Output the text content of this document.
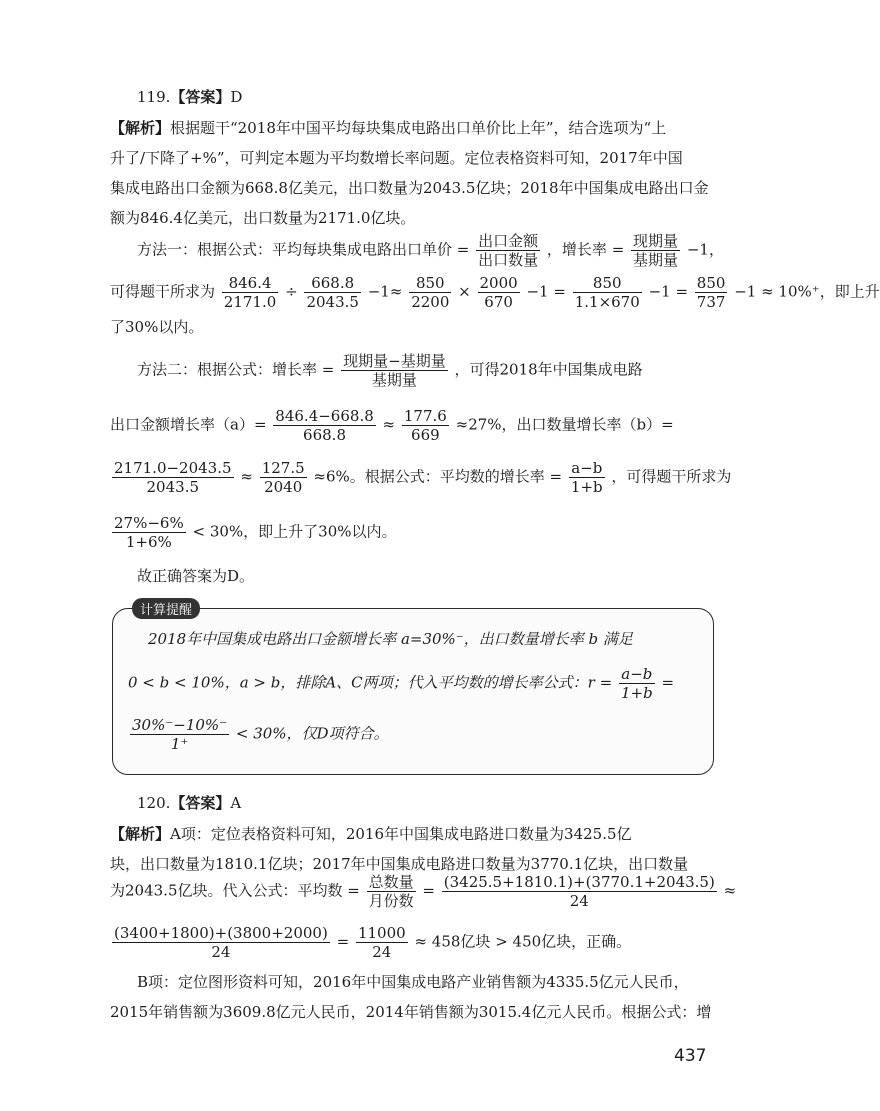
119.【答案】D
【解析】根据题干“2018年中国平均每块集成电路出口单价比上年”，结合选项为“上
升了/下降了+%”，可判定本题为平均数增长率问题。定位表格资料可知，2017年中国
集成电路出口金额为668.8亿美元，出口数量为2043.5亿块；2018年中国集成电路出口金
额为846.4亿美元，出口数量为2171.0亿块。
方法一：根据公式：平均每块集成电路出口单价 = $\frac{\text{出口金额}}{\text{出口数量}}$ ，增长率 = $\frac{\text{现期量}}{\text{基期量}} -1$，
可得题干所求为 $\frac{846.4}{2171.0} \div \frac{668.8}{2043.5} -1\approx \frac{850}{2200} \times \frac{2000}{670} -1 = \frac{850}{1.1\times 670} -1 = \frac{850}{737} -1 \approx 10\%^+$，即上升
了30%以内。
方法二：根据公式：增长率 = $\frac{\text{现期量−基期量}}{\text{基期量}}$ ，可得2018年中国集成电路
出口金额增长率$(a)= \frac{846.4-668.8}{668.8} \approx \frac{177.6}{669} \approx 27\%$，出口数量增长率（b）=
$\frac{2171.0-2043.5}{2043.5} \approx \frac{127.5}{2040} \approx 6\%$。根据公式：平均数的增长率 = $\frac{a-b}{1+b}$ ，可得题干所求为
$\frac{27\%-6\%}{1+6\%} < 30\%$，即上升了30%以内。
故正确答案为D。
计算提醒
2018年中国集成电路出口金额增长率 a=30%⁻，出口数量增长率 b 满足
0 < b < 10%，a > b，排除A、C两项；代入平均数的增长率公式：$r = \frac{a-b}{1+b}$ =
$\frac{30\%^--10\%^-}{1^+} < 30\%$，仅D项符合。
120.【答案】A
【解析】A项：定位表格资料可知，2016年中国集成电路进口数量为3425.5亿
块，出口数量为1810.1亿块；2017年中国集成电路进口数量为3770.1亿块，出口数量
为2043.5亿块。代入公式：平均数 = $\frac{\text{总数量}}{\text{月份数}} = \frac{(3425.5+1810.1)+(3770.1+2043.5)}{24}$ ≈
$\frac{(3400+1800)+(3800+2000)}{24} = \frac{11000}{24} \approx 458$亿块 > 450亿块，正确。
B项：定位图形资料可知，2016年中国集成电路产业销售额为4335.5亿元人民币，
2015年销售额为3609.8亿元人民币，2014年销售额为3015.4亿元人民币。根据公式：增
437
